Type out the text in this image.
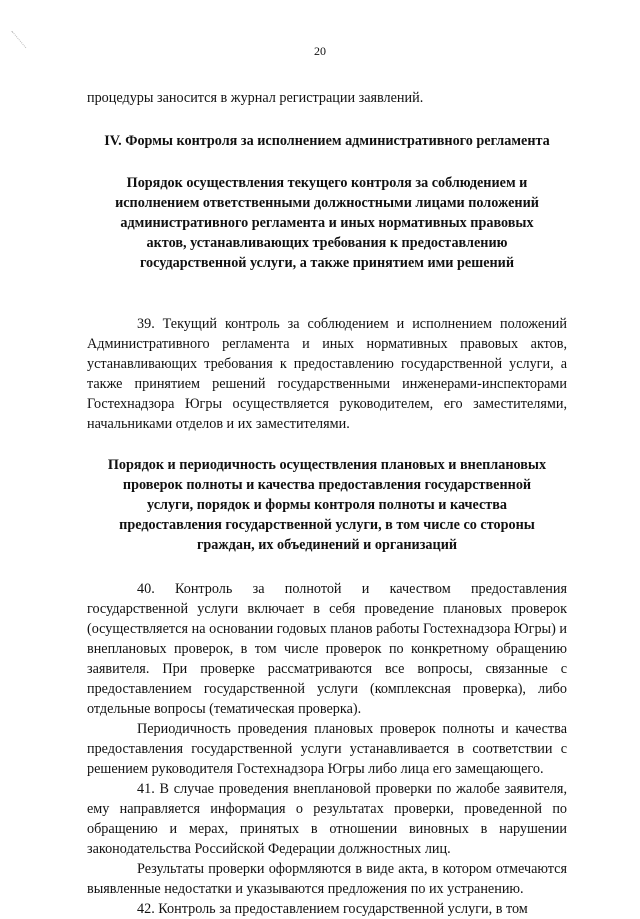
20

процедуры заносится в журнал регистрации заявлений.

IV. Формы контроля за исполнением административного регламента

Порядок осуществления текущего контроля за соблюдением и исполнением ответственными должностными лицами положений административного регламента и иных нормативных правовых актов, устанавливающих требования к предоставлению государственной услуги, а также принятием ими решений

39. Текущий контроль за соблюдением и исполнением положений Административного регламента и иных нормативных правовых актов, устанавливающих требования к предоставлению государственной услуги, а также принятием решений государственными инженерами-инспекторами Гостехнадзора Югры осуществляется руководителем, его заместителями, начальниками отделов и их заместителями.

Порядок и периодичность осуществления плановых и внеплановых проверок полноты и качества предоставления государственной услуги, порядок и формы контроля полноты и качества предоставления государственной услуги, в том числе со стороны граждан, их объединений и организаций

40. Контроль за полнотой и качеством предоставления государственной услуги включает в себя проведение плановых проверок (осуществляется на основании годовых планов работы Гостехнадзора Югры) и внеплановых проверок, в том числе проверок по конкретному обращению заявителя. При проверке рассматриваются все вопросы, связанные с предоставлением государственной услуги (комплексная проверка), либо отдельные вопросы (тематическая проверка).

Периодичность проведения плановых проверок полноты и качества предоставления государственной услуги устанавливается в соответствии с решением руководителя Гостехнадзора Югры либо лица его замещающего.

41. В случае проведения внеплановой проверки по жалобе заявителя, ему направляется информация о результатах проверки, проведенной по обращению и мерах, принятых в отношении виновных в нарушении законодательства Российской Федерации должностных лиц.

Результаты проверки оформляются в виде акта, в котором отмечаются выявленные недостатки и указываются предложения по их устранению.

42. Контроль за предоставлением государственной услуги, в том
